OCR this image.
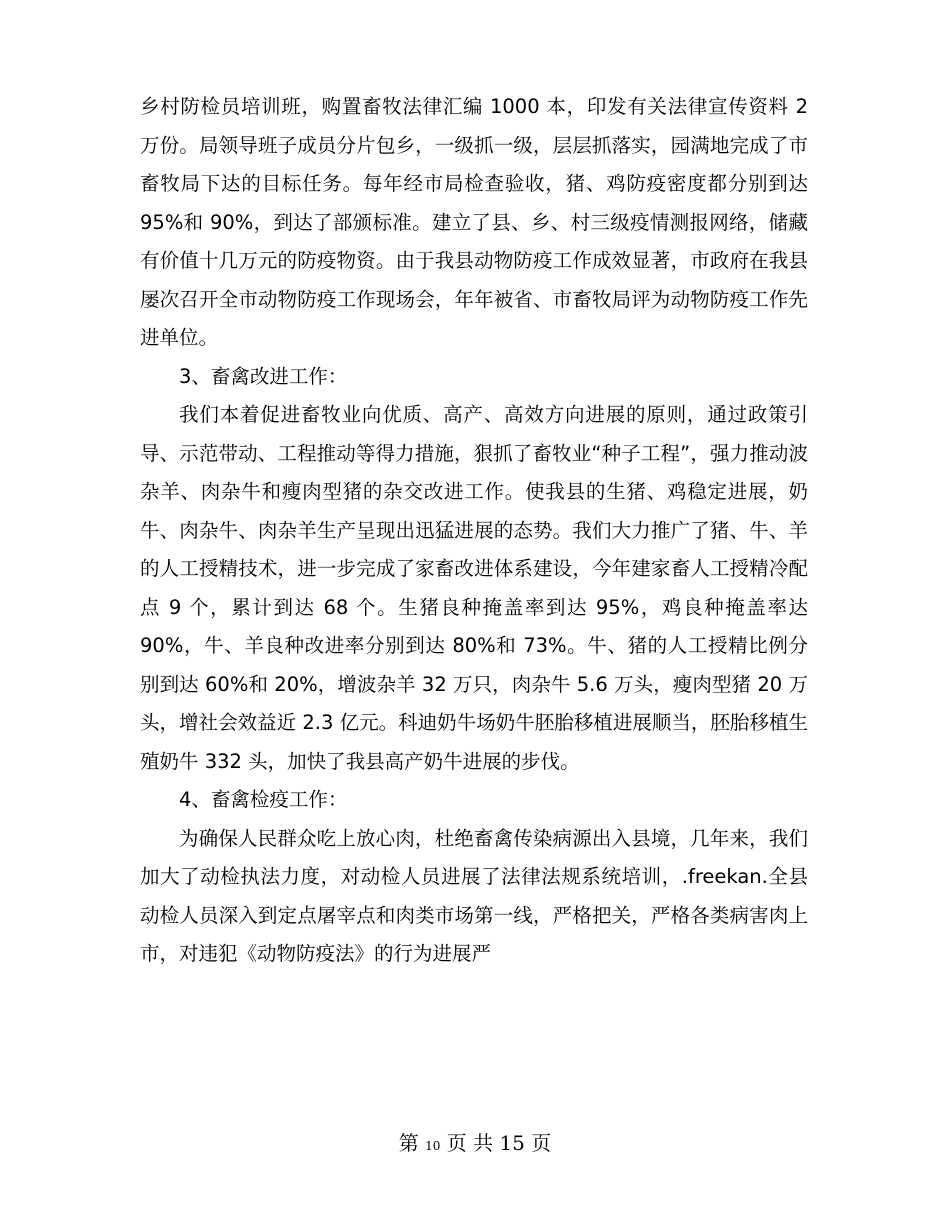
乡村防检员培训班，购置畜牧法律汇编 1000 本，印发有关法律宣传资料 2 万份。局领导班子成员分片包乡，一级抓一级，层层抓落实，园满地完成了市畜牧局下达的目标任务。每年经市局检查验收，猪、鸡防疫密度都分别到达 95%和 90%，到达了部颁标准。建立了县、乡、村三级疫情测报网络，储藏有价值十几万元的防疫物资。由于我县动物防疫工作成效显著，市政府在我县屡次召开全市动物防疫工作现场会，年年被省、市畜牧局评为动物防疫工作先进单位。

3、畜禽改进工作：

我们本着促进畜牧业向优质、高产、高效方向进展的原则，通过政策引导、示范带动、工程推动等得力措施，狠抓了畜牧业“种子工程”，强力推动波杂羊、肉杂牛和瘦肉型猪的杂交改进工作。使我县的生猪、鸡稳定进展，奶牛、肉杂牛、肉杂羊生产呈现出迅猛进展的态势。我们大力推广了猪、牛、羊的人工授精技术，进一步完成了家畜改进体系建设，今年建家畜人工授精冷配点 9 个，累计到达 68 个。生猪良种掩盖率到达 95%，鸡良种掩盖率达 90%，牛、羊良种改进率分别到达 80%和 73%。牛、猪的人工授精比例分别到达 60%和 20%，增波杂羊 32 万只，肉杂牛 5.6 万头，瘦肉型猪 20 万头，增社会效益近 2.3 亿元。科迪奶牛场奶牛胚胎移植进展顺当，胚胎移植生殖奶牛 332 头，加快了我县高产奶牛进展的步伐。

4、畜禽检疫工作：

为确保人民群众吃上放心肉，杜绝畜禽传染病源出入县境，几年来，我们加大了动检执法力度，对动检人员进展了法律法规系统培训，.freekan.全县动检人员深入到定点屠宰点和肉类市场第一线，严格把关，严格各类病害肉上市，对违犯《动物防疫法》的行为进展严

第 10 页 共 15 页
